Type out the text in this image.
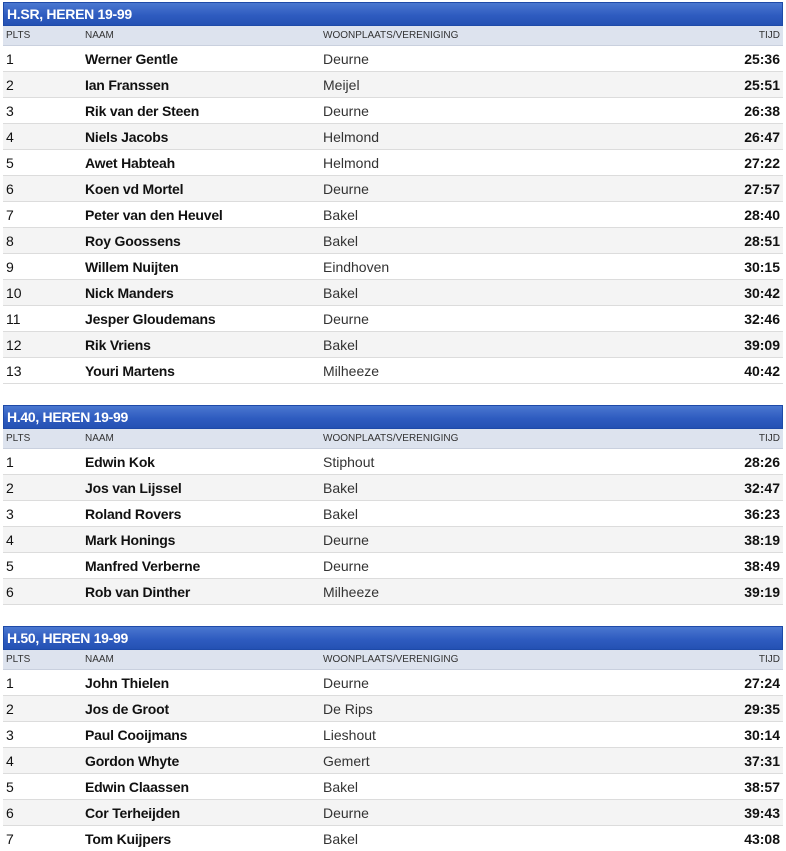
H.SR, HEREN 19-99
PLTS	NAAM	WOONPLAATS/VERENIGING	TIJD
1	Werner Gentle	Deurne	25:36
2	Ian Franssen	Meijel	25:51
3	Rik van der Steen	Deurne	26:38
4	Niels Jacobs	Helmond	26:47
5	Awet Habteah	Helmond	27:22
6	Koen vd Mortel	Deurne	27:57
7	Peter van den Heuvel	Bakel	28:40
8	Roy Goossens	Bakel	28:51
9	Willem Nuijten	Eindhoven	30:15
10	Nick Manders	Bakel	30:42
11	Jesper Gloudemans	Deurne	32:46
12	Rik Vriens	Bakel	39:09
13	Youri Martens	Milheeze	40:42
H.40, HEREN 19-99
PLTS	NAAM	WOONPLAATS/VERENIGING	TIJD
1	Edwin Kok	Stiphout	28:26
2	Jos van Lijssel	Bakel	32:47
3	Roland Rovers	Bakel	36:23
4	Mark Honings	Deurne	38:19
5	Manfred Verberne	Deurne	38:49
6	Rob van Dinther	Milheeze	39:19
H.50, HEREN 19-99
PLTS	NAAM	WOONPLAATS/VERENIGING	TIJD
1	John Thielen	Deurne	27:24
2	Jos de Groot	De Rips	29:35
3	Paul Cooijmans	Lieshout	30:14
4	Gordon Whyte	Gemert	37:31
5	Edwin Claassen	Bakel	38:57
6	Cor Terheijden	Deurne	39:43
7	Tom Kuijpers	Bakel	43:08
